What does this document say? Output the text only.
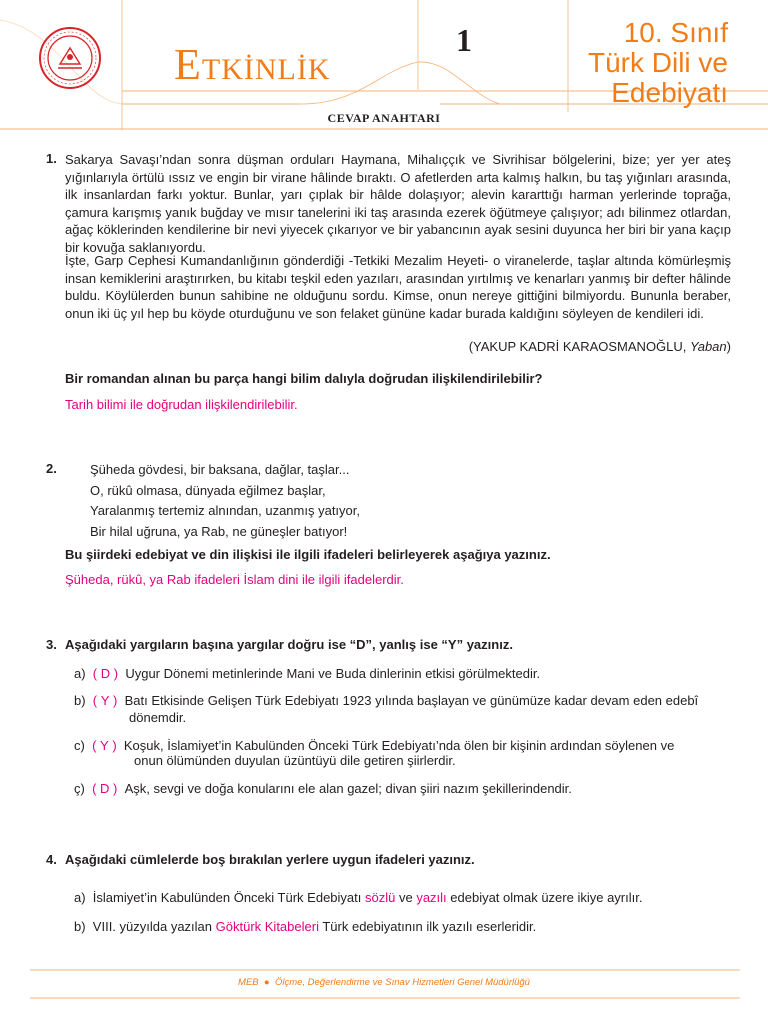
ETKİNLİK
1	10. Sınıf
Türk Dili ve
Edebiyatı
CEVAP ANAHTARI
1. Sakarya Savaşı’ndan sonra düşman orduları Haymana, Mihalıççık ve Sivrihisar bölgelerini, bize; yer yer ateş yığınlarıyla örtülü ıssız ve engin bir virane hâlinde bıraktı. O afetlerden arta kalmış halkın, bu taş yığınları arasında, ilk insanlardan farkı yoktur. Bunlar, yarı çıplak bir hâlde dolaşıyor; alevin kararttığı harman yerlerinde toprağa, çamura karışmış yanık buğday ve mısır tanelerini iki taş arasında ezerek öğütmeye çalışıyor; adı bilinmez otlardan, ağaç köklerinden kendilerine bir nevi yiyecek çıkarıyor ve bir yabancının ayak sesini duyunca her biri bir yana kaçıp bir kovuğa saklanıyordu.
İşte, Garp Cephesi Kumandanlığının gönderdiği -Tetkiki Mezalim Heyeti- o viranelerde, taşlar altında kömürleşmiş insan kemiklerini araştırırken, bu kitabı teşkil eden yazıları, arasından yırtılmış ve kenarları yanmış bir defter hâlinde buldu. Köylülerden bunun sahibine ne olduğunu sordu. Kimse, onun nereye gittiğini bilmiyordu. Bununla beraber, onun iki üç yıl hep bu köyde oturduğunu ve son felaket gününe kadar burada kaldığını söyleyen de kendileri idi.
(YAKUP KADRİ KARAOSMANOĞLU, Yaban)
Bir romandan alınan bu parça hangi bilim dalıyla doğrudan ilişkilendirilebilir?
Tarih bilimi ile doğrudan ilişkilendirilebilir.
2.	Şüheda gövdesi, bir baksana, dağlar, taşlar...
O, rükû olmasa, dünyada eğilmez başlar,
Yaralanmış tertemiz alnından, uzanmış yatıyor,
Bir hilal uğruna, ya Rab, ne güneşler batıyor!
Bu şiirdeki edebiyat ve din ilişkisi ile ilgili ifadeleri belirleyerek aşağıya yazınız.
Şüheda, rükû, ya Rab ifadeleri İslam dini ile ilgili ifadelerdir.
3. Aşağıdaki yargıların başına yargılar doğru ise “D”, yanlış ise “Y” yazınız.
a) ( D ) Uygur Dönemi metinlerinde Mani ve Buda dinlerinin etkisi görülmektedir.
b) ( Y ) Batı Etkisinde Gelişen Türk Edebiyatı 1923 yılında başlayan ve günümüze kadar devam eden edebî
dönemdir.
c) ( Y ) Koşuk, İslamiyet’in Kabulünden Önceki Türk Edebiyatı’nda ölen bir kişinin ardından söylenen ve
onun ölümünden duyulan üzüntüyü dile getiren şiirlerdir.
ç) ( D ) Aşk, sevgi ve doğa konularını ele alan gazel; divan şiiri nazım şekillerindendir.
4. Aşağıdaki cümlelerde boş bırakılan yerlere uygun ifadeleri yazınız.
a) İslamiyet’in Kabulünden Önceki Türk Edebiyatı sözlü ve yazılı edebiyat olmak üzere ikiye ayrılır.
b) VIII. yüzyılda yazılan Göktürk Kitabeleri Türk edebiyatının ilk yazılı eserleridir.
MEB ● Ölçme, Değerlendirme ve Sınav Hizmetleri Genel Müdürlüğü
